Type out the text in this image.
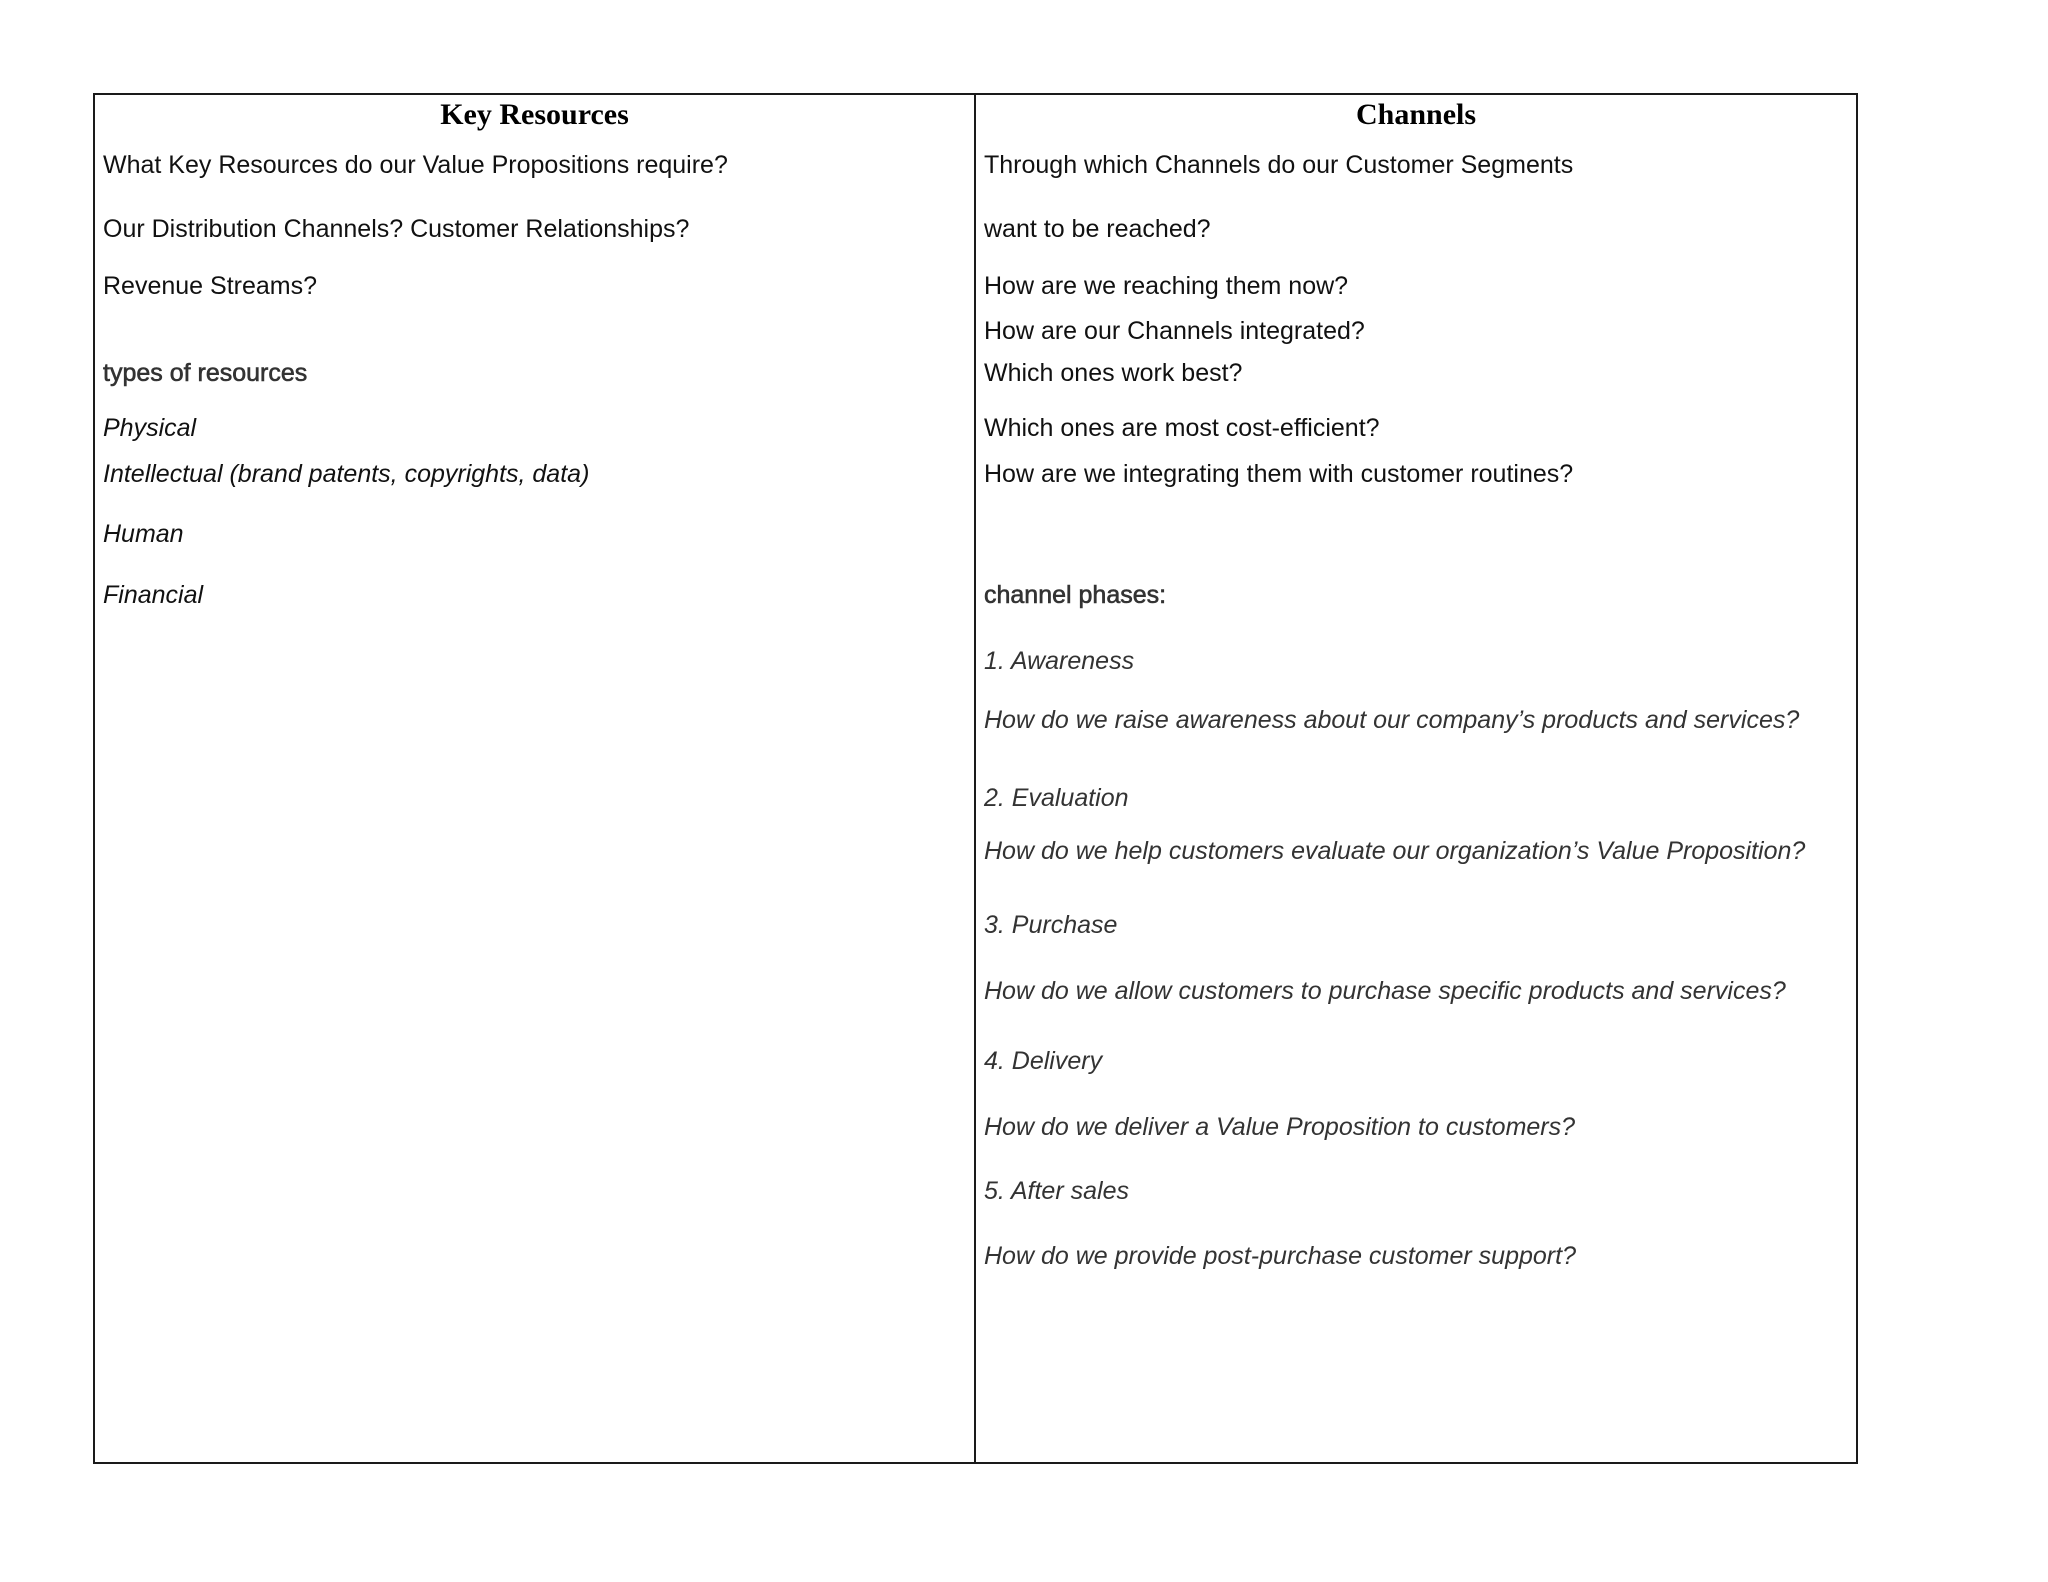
Key Resources
What Key Resources do our Value Propositions require?
Our Distribution Channels? Customer Relationships?
Revenue Streams?
types of resources
Physical
Intellectual (brand patents, copyrights, data)
Human
Financial
Channels
Through which Channels do our Customer Segments
want to be reached?
How are we reaching them now?
How are our Channels integrated?
Which ones work best?
Which ones are most cost-efficient?
How are we integrating them with customer routines?
channel phases:
1. Awareness
How do we raise awareness about our company’s products and services?
2. Evaluation
How do we help customers evaluate our organization’s Value Proposition?
3. Purchase
How do we allow customers to purchase specific products and services?
4. Delivery
How do we deliver a Value Proposition to customers?
5. After sales
How do we provide post-purchase customer support?
